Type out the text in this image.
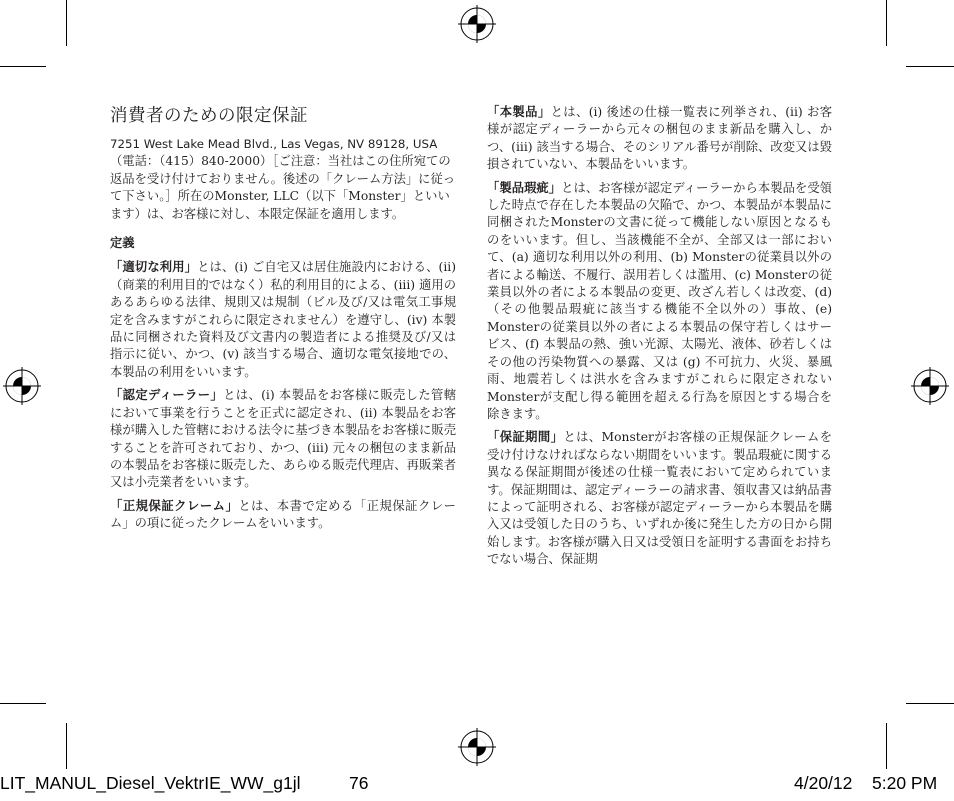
消費者のための限定保証

7251 West Lake Mead Blvd., Las Vegas, NV 89128, USA
（電話：（415）840-2000）［ご注意：当社はこの住所宛ての返品を受け付けておりません。後述の「クレーム方法」に従って下さい。］所在のMonster, LLC（以下「Monster」といいます）は、お客様に対し、本限定保証を適用します。

定義

「適切な利用」とは、(i) ご自宅又は居住施設内における、(ii)（商業的利用目的ではなく）私的利用目的による、(iii) 適用のあるあらゆる法律、規則又は規制（ビル及び/又は電気工事規定を含みますがこれらに限定されません）を遵守し、(iv) 本製品に同梱された資料及び文書内の製造者による推奨及び/又は指示に従い、かつ、(v) 該当する場合、適切な電気接地での、本製品の利用をいいます。

「認定ディーラー」とは、(i) 本製品をお客様に販売した管轄において事業を行うことを正式に認定され、(ii) 本製品をお客様が購入した管轄における法令に基づき本製品をお客様に販売することを許可されており、かつ、(iii) 元々の梱包のまま新品の本製品をお客様に販売した、あらゆる販売代理店、再販業者又は小売業者をいいます。

「正規保証クレーム」とは、本書で定める「正規保証クレーム」の項に従ったクレームをいいます。

「本製品」とは、(i) 後述の仕様一覧表に列挙され、(ii) お客様が認定ディーラーから元々の梱包のまま新品を購入し、かつ、(iii) 該当する場合、そのシリアル番号が削除、改変又は毀損されていない、本製品をいいます。

「製品瑕疵」とは、お客様が認定ディーラーから本製品を受領した時点で存在した本製品の欠陥で、かつ、本製品が本製品に同梱されたMonsterの文書に従って機能しない原因となるものをいいます。但し、当該機能不全が、全部又は一部において、(a) 適切な利用以外の利用、(b) Monsterの従業員以外の者による輸送、不履行、誤用若しくは濫用、(c) Monsterの従業員以外の者による本製品の変更、改ざん若しくは改変、(d)（その他製品瑕疵に該当する機能不全以外の）事故、(e) Monsterの従業員以外の者による本製品の保守若しくはサービス、(f) 本製品の熱、強い光源、太陽光、液体、砂若しくはその他の汚染物質への暴露、又は (g) 不可抗力、火災、暴風雨、地震若しくは洪水を含みますがこれらに限定されないMonsterが支配し得る範囲を超える行為を原因とする場合を除きます。

「保証期間」とは、Monsterがお客様の正規保証クレームを受け付けなければならない期間をいいます。製品瑕疵に関する異なる保証期間が後述の仕様一覧表において定められています。保証期間は、認定ディーラーの請求書、領収書又は納品書によって証明される、お客様が認定ディーラーから本製品を購入又は受領した日のうち、いずれか後に発生した方の日から開始します。お客様が購入日又は受領日を証明する書面をお持ちでない場合、保証期

LIT_MANUL_Diesel_VektrIE_WW_g1jl	76	4/20/12 5:20 PM
